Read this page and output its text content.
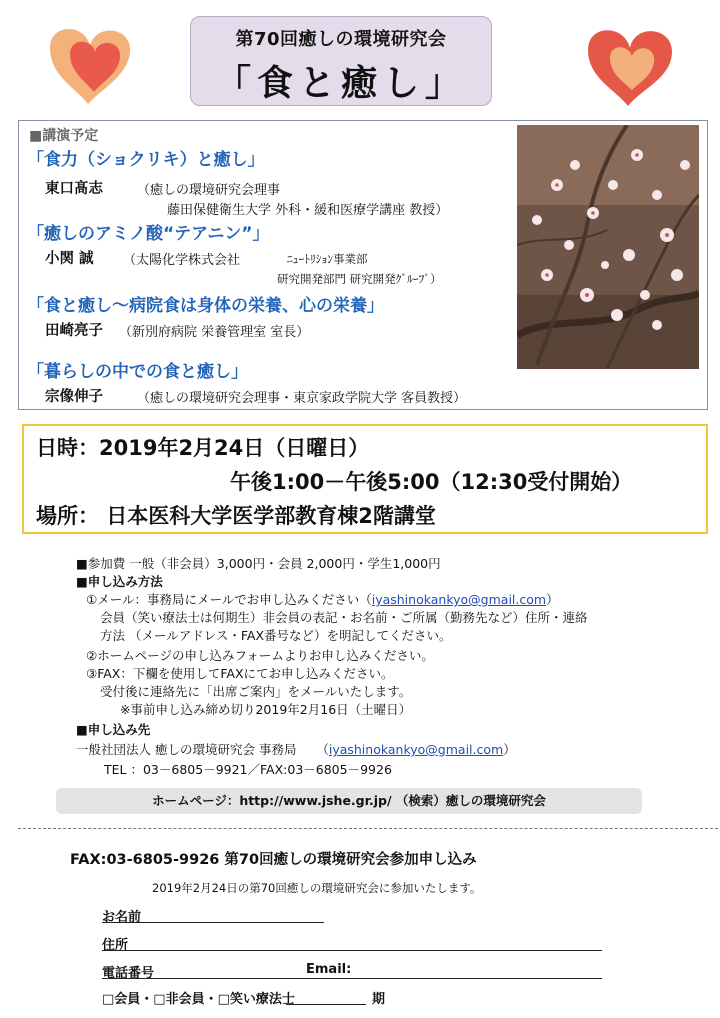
第70回癒しの環境研究会
「食と癒し」
■講演予定
「食力（ショクリキ）と癒し」
東口髙志	（癒しの環境研究会理事
藤田保健衛生大学 外科・緩和医療学講座 教授）
「癒しのアミノ酸“テアニン”」
小関 誠 （太陽化学株式会社	ﾆｭｰﾄﾘｼｮﾝ事業部
研究開発部門 研究開発ｸﾞﾙｰﾌﾟ）
「食と癒し～病院食は身体の栄養、心の栄養」
田崎亮子 （新別府病院 栄養管理室 室長）
「暮らしの中での食と癒し」
宗像伸子	（癒しの環境研究会理事・東京家政学院大学 客員教授）
日時：2019年2月24日（日曜日）
午後1:00－午後5:00（12:30受付開始）
場所： 日本医科大学医学部教育棟2階講堂
■参加費 一般（非会員）3,000円・会員 2,000円・学生1,000円
■申し込み方法
①メール：事務局にメールでお申し込みください（iyashinokankyo@gmail.com）
会員（笑い療法士は何期生）非会員の表記・お名前・ご所属（勤務先など）住所・連絡
方法 （メールアドレス・FAX番号など）を明記してください。
②ホームページの申し込みフォームよりお申し込みください。
③FAX：下欄を使用してFAXにてお申し込みください。
受付後に連絡先に「出席ご案内」をメールいたします。
※事前申し込み締め切り2019年2月16日（土曜日）
■申し込み先
一般社団法人 癒しの環境研究会 事務局 （iyashinokankyo@gmail.com）
TEL ：03－6805－9921／FAX:03－6805－9926
ホームページ：http://www.jshe.gr.jp/ （検索）癒しの環境研究会
FAX:03-6805-9926 第70回癒しの環境研究会参加申し込み
2019年2月24日の第70回癒しの環境研究会に参加いたします。
お名前
住所
電話番号	Email:
□会員・□非会員・□笑い療法士	期
